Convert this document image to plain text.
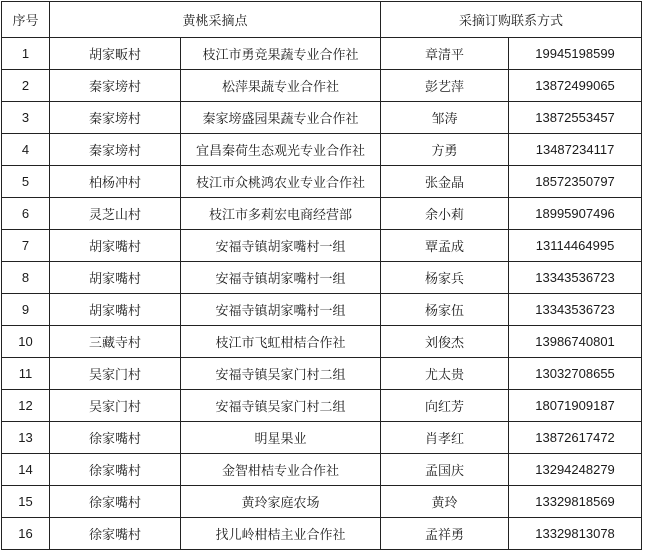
序号	黄桃采摘点		采摘订购联系方式	
1	胡家畈村	枝江市勇竞果蔬专业合作社	章清平	19945198599
2	秦家塝村	松萍果蔬专业合作社	彭艺萍	13872499065
3	秦家塝村	秦家塝盛园果蔬专业合作社	邹涛	13872553457
4	秦家塝村	宜昌秦荷生态观光专业合作社	方勇	13487234117
5	柏杨冲村	枝江市众桃鸿农业专业合作社	张金晶	18572350797
6	灵芝山村	枝江市多莉宏电商经营部	余小莉	18995907496
7	胡家嘴村	安福寺镇胡家嘴村一组	覃孟成	13114464995
8	胡家嘴村	安福寺镇胡家嘴村一组	杨家兵	13343536723
9	胡家嘴村	安福寺镇胡家嘴村一组	杨家伍	13343536723
10	三藏寺村	枝江市飞虹柑桔合作社	刘俊杰	13986740801
11	吴家门村	安福寺镇吴家门村二组	尤太贵	13032708655
12	吴家门村	安福寺镇吴家门村二组	向红芳	18071909187
13	徐家嘴村	明星果业	肖孝红	13872617472
14	徐家嘴村	金智柑桔专业合作社	孟国庆	13294248279
15	徐家嘴村	黄玲家庭农场	黄玲	13329818569
16	徐家嘴村	找儿岭柑桔主业合作社	孟祥勇	13329813078
